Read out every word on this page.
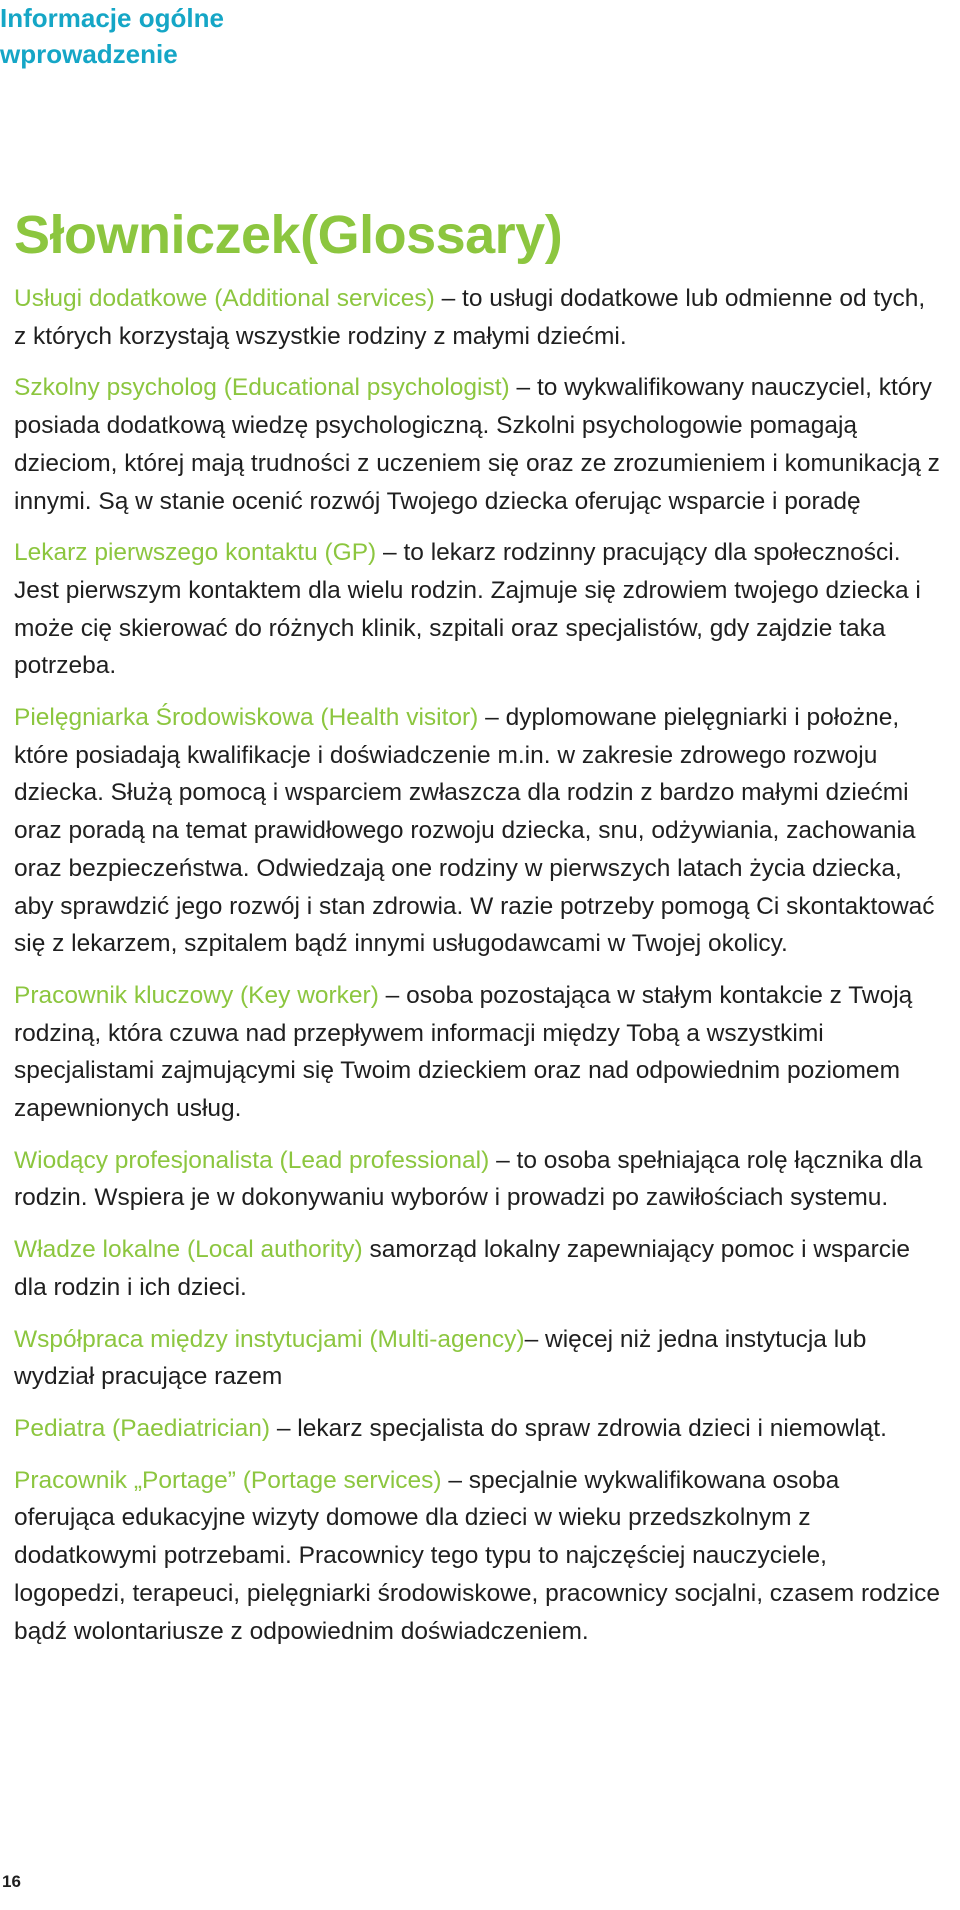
Informacje ogólne
wprowadzenie
Słowniczek(Glossary)

Usługi dodatkowe (Additional services) – to usługi dodatkowe lub odmienne od tych, z których korzystają wszystkie rodziny z małymi dziećmi.

Szkolny psycholog (Educational psychologist) – to wykwalifikowany nauczyciel, który posiada dodatkową wiedzę psychologiczną. Szkolni psychologowie pomagają dzieciom, której mają trudności z uczeniem się oraz ze zrozumieniem i komunikacją z innymi. Są w stanie ocenić rozwój Twojego dziecka oferując wsparcie i poradę

Lekarz pierwszego kontaktu (GP) – to lekarz rodzinny pracujący dla społeczności. Jest pierwszym kontaktem dla wielu rodzin. Zajmuje się zdrowiem twojego dziecka i może cię skierować do różnych klinik, szpitali oraz specjalistów, gdy zajdzie taka potrzeba.

Pielęgniarka Środowiskowa (Health visitor) – dyplomowane pielęgniarki i położne, które posiadają kwalifikacje i doświadczenie m.in. w zakresie zdrowego rozwoju dziecka. Służą pomocą i wsparciem zwłaszcza dla rodzin z bardzo małymi dziećmi oraz poradą na temat prawidłowego rozwoju dziecka, snu, odżywiania, zachowania oraz bezpieczeństwa. Odwiedzają one rodziny w pierwszych latach życia dziecka, aby sprawdzić jego rozwój i stan zdrowia. W razie potrzeby pomogą Ci skontaktować się z lekarzem, szpitalem bądź innymi usługodawcami w Twojej okolicy.

Pracownik kluczowy (Key worker) – osoba pozostająca w stałym kontakcie z Twoją rodziną, która czuwa nad przepływem informacji między Tobą a wszystkimi specjalistami zajmującymi się Twoim dzieckiem oraz nad odpowiednim poziomem zapewnionych usług.

Wiodący profesjonalista (Lead professional) – to osoba spełniająca rolę łącznika dla rodzin. Wspiera je w dokonywaniu wyborów i prowadzi po zawiłościach systemu.

Władze lokalne (Local authority) samorząd lokalny zapewniający pomoc i wsparcie dla rodzin i ich dzieci.

Współpraca między instytucjami (Multi-agency)– więcej niż jedna instytucja lub wydział pracujące razem

Pediatra (Paediatrician) – lekarz specjalista do spraw zdrowia dzieci i niemowląt.

Pracownik „Portage” (Portage services) – specjalnie wykwalifikowana osoba oferująca edukacyjne wizyty domowe dla dzieci w wieku przedszkolnym z dodatkowymi potrzebami. Pracownicy tego typu to najczęściej nauczyciele, logopedzi, terapeuci, pielęgniarki środowiskowe, pracownicy socjalni, czasem rodzice bądź wolontariusze z odpowiednim doświadczeniem.

16
